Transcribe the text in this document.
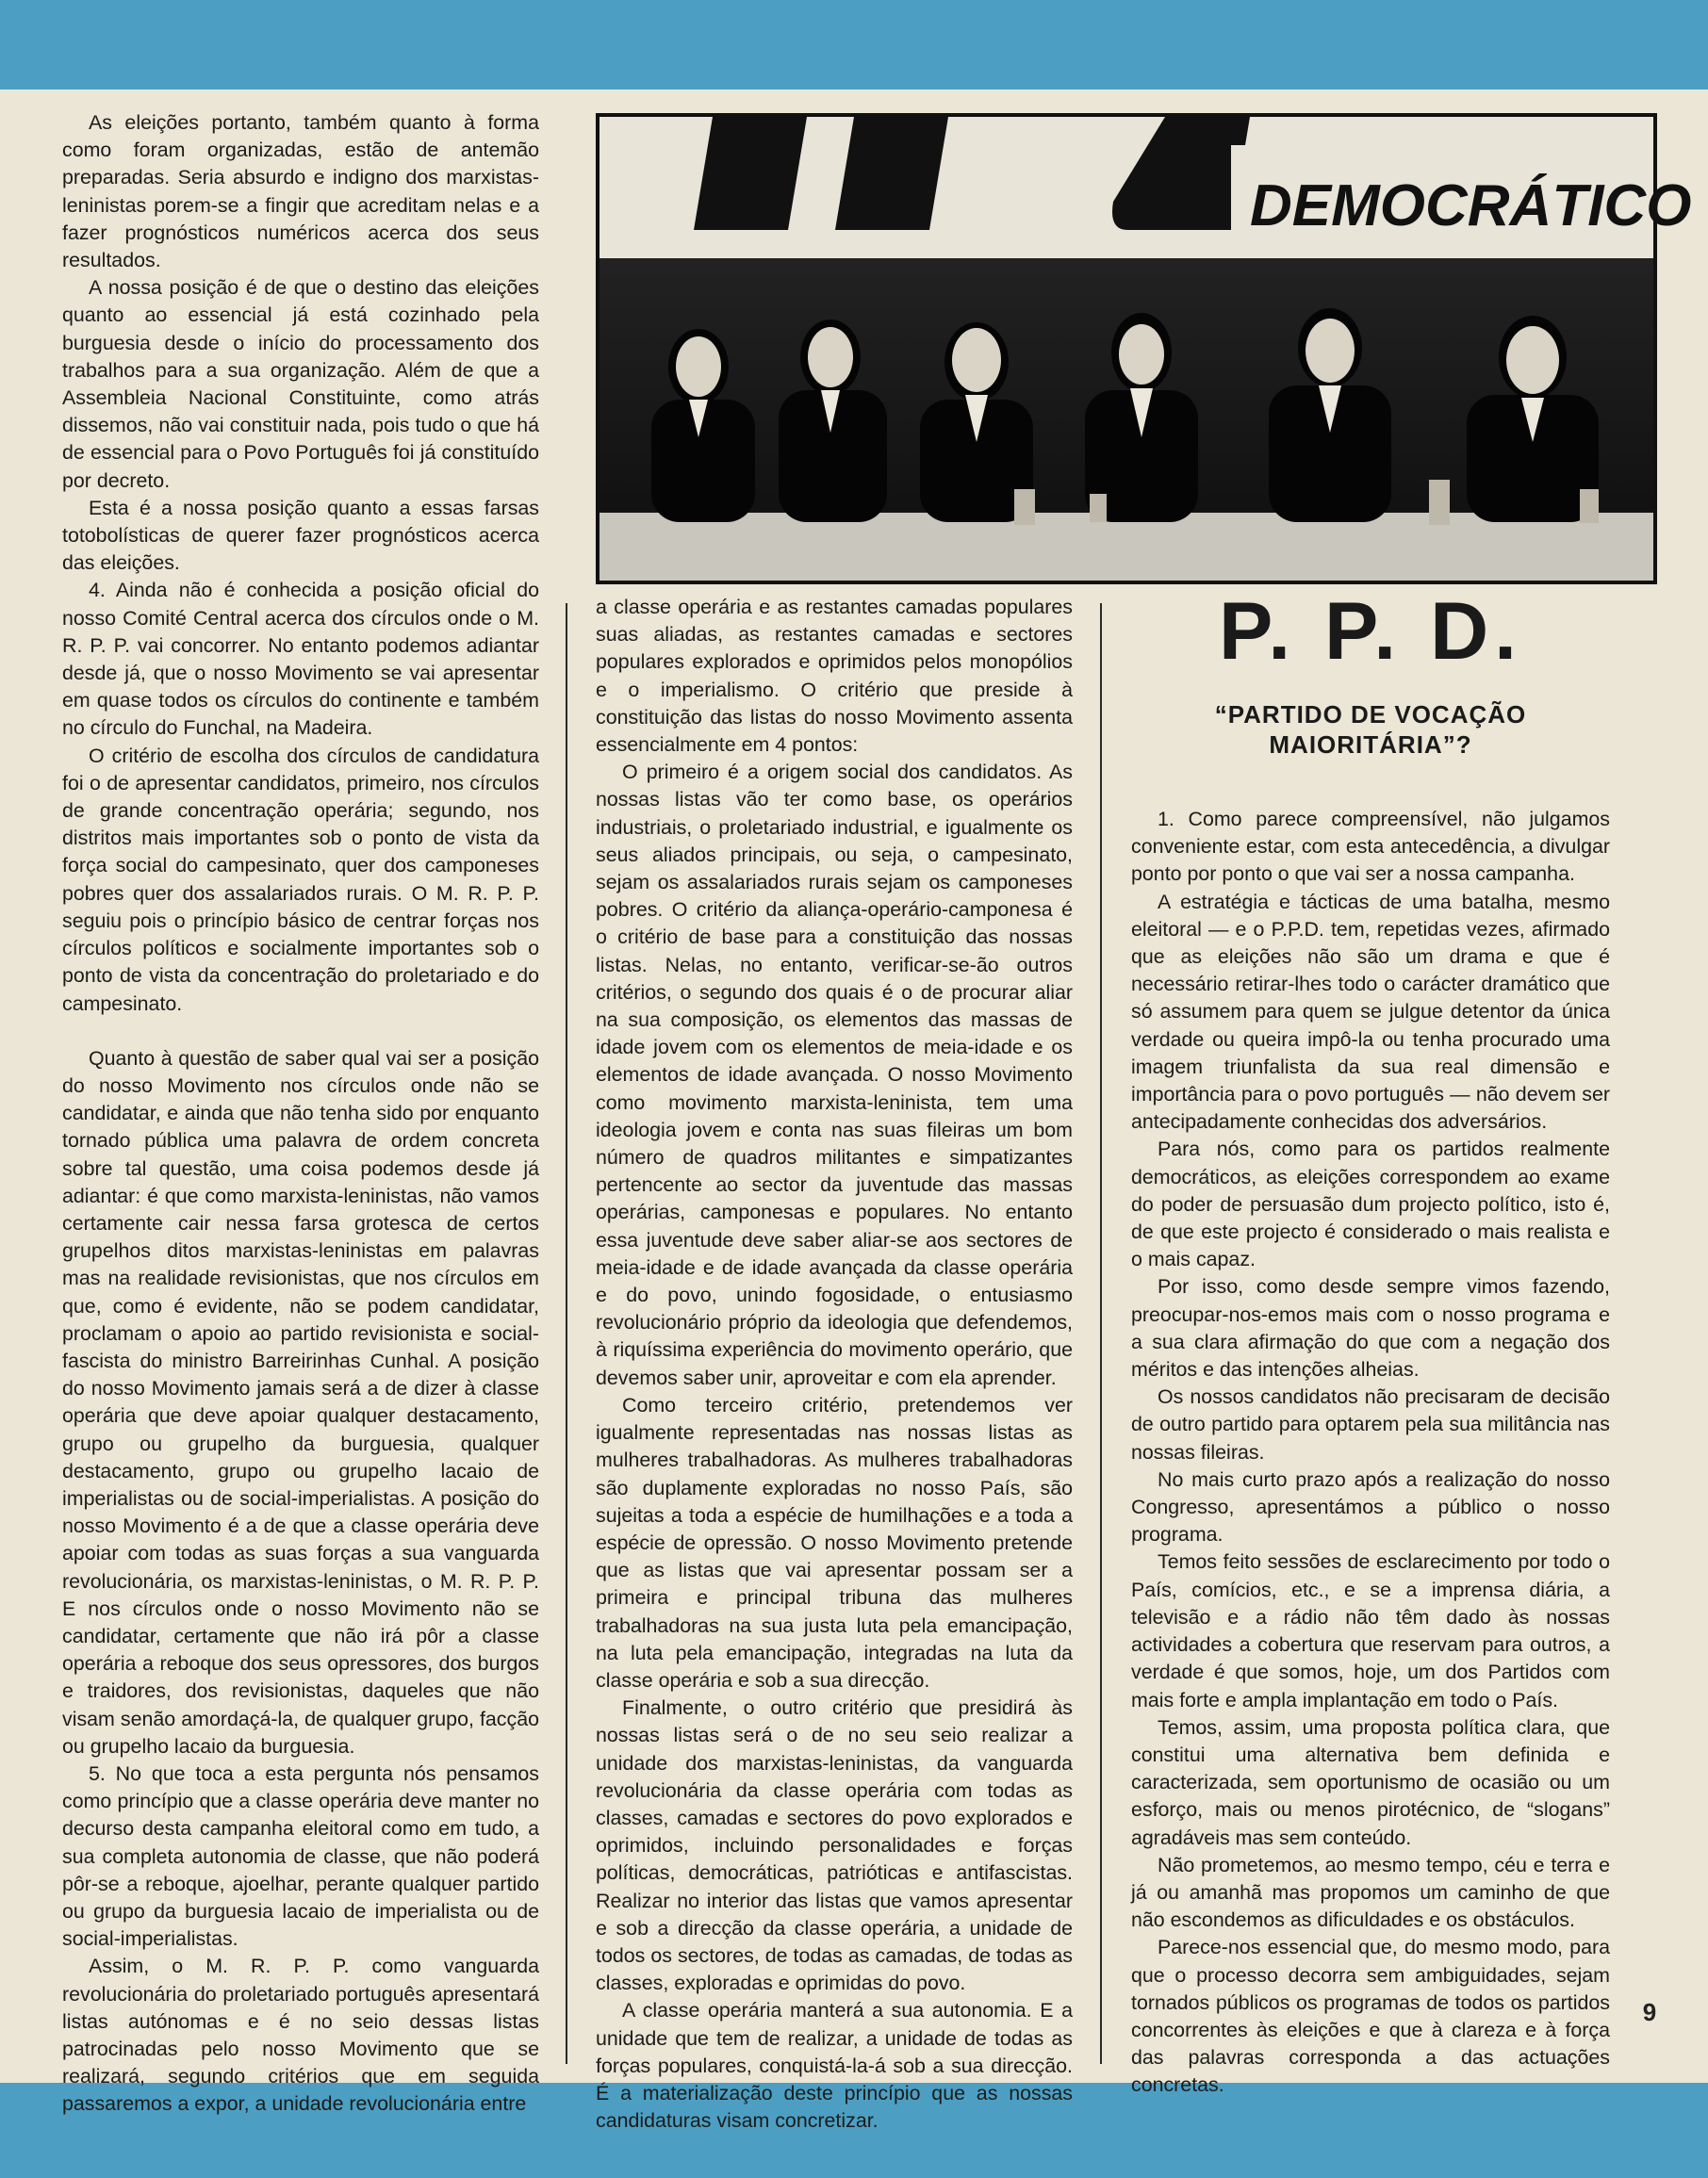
As eleições portanto, também quanto à forma como foram organizadas, estão de antemão preparadas. Seria absurdo e indigno dos marxistas-leninistas porem-se a fingir que acreditam nelas e a fazer prognósticos numéricos acerca dos seus resultados.

A nossa posição é de que o destino das eleições quanto ao essencial já está cozinhado pela burguesia desde o início do processamento dos trabalhos para a sua organização. Além de que a Assembleia Nacional Constituinte, como atrás dissemos, não vai constituir nada, pois tudo o que há de essencial para o Povo Português foi já constituído por decreto.

Esta é a nossa posição quanto a essas farsas totobolísticas de querer fazer prognósticos acerca das eleições.

4. Ainda não é conhecida a posição oficial do nosso Comité Central acerca dos círculos onde o M. R. P. P. vai concorrer. No entanto podemos adiantar desde já, que o nosso Movimento se vai apresentar em quase todos os círculos do continente e também no círculo do Funchal, na Madeira.

O critério de escolha dos círculos de candidatura foi o de apresentar candidatos, primeiro, nos círculos de grande concentração operária; segundo, nos distritos mais importantes sob o ponto de vista da força social do campesinato, quer dos camponeses pobres quer dos assalariados rurais. O M. R. P. P. seguiu pois o princípio básico de centrar forças nos círculos políticos e socialmente importantes sob o ponto de vista da concentração do proletariado e do campesinato.

Quanto à questão de saber qual vai ser a posição do nosso Movimento nos círculos onde não se candidatar, e ainda que não tenha sido por enquanto tornado pública uma palavra de ordem concreta sobre tal questão, uma coisa podemos desde já adiantar: é que como marxista-leninistas, não vamos certamente cair nessa farsa grotesca de certos grupelhos ditos marxistas-leninistas em palavras mas na realidade revisionistas, que nos círculos em que, como é evidente, não se podem candidatar, proclamam o apoio ao partido revisionista e social-fascista do ministro Barreirinhas Cunhal. A posição do nosso Movimento jamais será a de dizer à classe operária que deve apoiar qualquer destacamento, grupo ou grupelho da burguesia, qualquer destacamento, grupo ou grupelho lacaio de imperialistas ou de social-imperialistas. A posição do nosso Movimento é a de que a classe operária deve apoiar com todas as suas forças a sua vanguarda revolucionária, os marxistas-leninistas, o M. R. P. P. E nos círculos onde o nosso Movimento não se candidatar, certamente que não irá pôr a classe operária a reboque dos seus opressores, dos burgos e traidores, dos revisionistas, daqueles que não visam senão amordaçá-la, de qualquer grupo, facção ou grupelho lacaio da burguesia.

5. No que toca a esta pergunta nós pensamos como princípio que a classe operária deve manter no decurso desta campanha eleitoral como em tudo, a sua completa autonomia de classe, que não poderá pôr-se a reboque, ajoelhar, perante qualquer partido ou grupo da burguesia lacaio de imperialista ou de social-imperialistas.

Assim, o M. R. P. P. como vanguarda revolucionária do proletariado português apresentará listas autónomas e é no seio dessas listas patrocinadas pelo nosso Movimento que se realizará, segundo critérios que em seguida passaremos a expor, a unidade revolucionária entre

DEMOCRÁTICO

a classe operária e as restantes camadas populares suas aliadas, as restantes camadas e sectores populares explorados e oprimidos pelos monopólios e o imperialismo. O critério que preside à constituição das listas do nosso Movimento assenta essencialmente em 4 pontos:

O primeiro é a origem social dos candidatos. As nossas listas vão ter como base, os operários industriais, o proletariado industrial, e igualmente os seus aliados principais, ou seja, o campesinato, sejam os assalariados rurais sejam os camponeses pobres. O critério da aliança-operário-camponesa é o critério de base para a constituição das nossas listas. Nelas, no entanto, verificar-se-ão outros critérios, o segundo dos quais é o de procurar aliar na sua composição, os elementos das massas de idade jovem com os elementos de meia-idade e os elementos de idade avançada. O nosso Movimento como movimento marxista-leninista, tem uma ideologia jovem e conta nas suas fileiras um bom número de quadros militantes e simpatizantes pertencente ao sector da juventude das massas operárias, camponesas e populares. No entanto essa juventude deve saber aliar-se aos sectores de meia-idade e de idade avançada da classe operária e do povo, unindo fogosidade, o entusiasmo revolucionário próprio da ideologia que defendemos, à riquíssima experiência do movimento operário, que devemos saber unir, aproveitar e com ela aprender.

Como terceiro critério, pretendemos ver igualmente representadas nas nossas listas as mulheres trabalhadoras. As mulheres trabalhadoras são duplamente exploradas no nosso País, são sujeitas a toda a espécie de humilhações e a toda a espécie de opressão. O nosso Movimento pretende que as listas que vai apresentar possam ser a primeira e principal tribuna das mulheres trabalhadoras na sua justa luta pela emancipação, na luta pela emancipação, integradas na luta da classe operária e sob a sua direcção.

Finalmente, o outro critério que presidirá às nossas listas será o de no seu seio realizar a unidade dos marxistas-leninistas, da vanguarda revolucionária da classe operária com todas as classes, camadas e sectores do povo explorados e oprimidos, incluindo personalidades e forças políticas, democráticas, patrióticas e antifascistas. Realizar no interior das listas que vamos apresentar e sob a direcção da classe operária, a unidade de todos os sectores, de todas as camadas, de todas as classes, exploradas e oprimidas do povo.

A classe operária manterá a sua autonomia. E a unidade que tem de realizar, a unidade de todas as forças populares, conquistá-la-á sob a sua direcção. É a materialização deste princípio que as nossas candidaturas visam concretizar.

P. P. D.
“PARTIDO DE VOCAÇÃO
MAIORITÁRIA”?

1. Como parece compreensível, não julgamos conveniente estar, com esta antecedência, a divulgar ponto por ponto o que vai ser a nossa campanha.

A estratégia e tácticas de uma batalha, mesmo eleitoral — e o P.P.D. tem, repetidas vezes, afirmado que as eleições não são um drama e que é necessário retirar-lhes todo o carácter dramático que só assumem para quem se julgue detentor da única verdade ou queira impô-la ou tenha procurado uma imagem triunfalista da sua real dimensão e importância para o povo português — não devem ser antecipadamente conhecidas dos adversários.

Para nós, como para os partidos realmente democráticos, as eleições correspondem ao exame do poder de persuasão dum projecto político, isto é, de que este projecto é considerado o mais realista e o mais capaz.

Por isso, como desde sempre vimos fazendo, preocupar-nos-emos mais com o nosso programa e a sua clara afirmação do que com a negação dos méritos e das intenções alheias.

Os nossos candidatos não precisaram de decisão de outro partido para optarem pela sua militância nas nossas fileiras.

No mais curto prazo após a realização do nosso Congresso, apresentámos a público o nosso programa.

Temos feito sessões de esclarecimento por todo o País, comícios, etc., e se a imprensa diária, a televisão e a rádio não têm dado às nossas actividades a cobertura que reservam para outros, a verdade é que somos, hoje, um dos Partidos com mais forte e ampla implantação em todo o País.

Temos, assim, uma proposta política clara, que constitui uma alternativa bem definida e caracterizada, sem oportunismo de ocasião ou um esforço, mais ou menos pirotécnico, de “slogans” agradáveis mas sem conteúdo.

Não prometemos, ao mesmo tempo, céu e terra e já ou amanhã mas propomos um caminho de que não escondemos as dificuldades e os obstáculos.

Parece-nos essencial que, do mesmo modo, para que o processo decorra sem ambiguidades, sejam tornados públicos os programas de todos os partidos concorrentes às eleições e que à clareza e à força das palavras corresponda a das actuações concretas.

9
